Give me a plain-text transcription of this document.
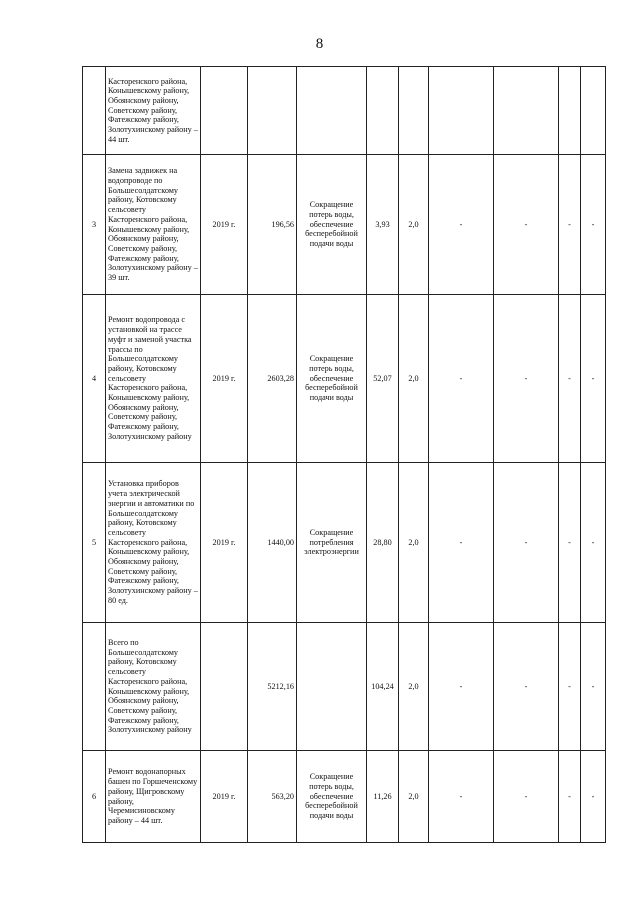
8
	Касторенского района, Конышевскому району, Обоянскому району, Советскому району, Фатежскому району, Золотухинскому району – 44 шт.									
3	Замена задвижек на водопроводе по Большесолдатскому району, Котовскому сельсовету Касторенского района, Конышевскому району, Обоянскому району, Советскому району, Фатежскому району, Золотухинскому району – 39 шт.	2019 г.	196,56	Сокращение потерь воды, обеспечение бесперебойной подачи воды	3,93	2,0	-	-	-	-
4	Ремонт водопровода с установкой на трассе муфт и заменой участка трассы по Большесолдатскому району, Котовскому сельсовету Касторенского района, Конышевскому району, Обоянскому району, Советскому району, Фатежскому району, Золотухинскому району	2019 г.	2603,28	Сокращение потерь воды, обеспечение бесперебойной подачи воды	52,07	2,0	-	-	-	-
5	Установка приборов учета электрической энергии и автоматики по Большесолдатскому району, Котовскому сельсовету Касторенского района, Конышевскому району, Обоянскому району, Советскому району, Фатежскому району, Золотухинскому району – 80 ед.	2019 г.	1440,00	Сокращение потребления электроэнергии	28,80	2,0	-	-	-	-
	Всего по Большесолдатскому району, Котовскому сельсовету Касторенского района, Конышевскому району, Обоянскому району, Советскому району, Фатежскому району, Золотухинскому району		5212,16		104,24	2,0	-	-	-	-
6	Ремонт водонапорных башен по Горшеченскому району, Щигровскому району, Черемисиновскому району – 44 шт.	2019 г.	563,20	Сокращение потерь воды, обеспечение бесперебойной подачи воды	11,26	2,0	-	-	-	-
